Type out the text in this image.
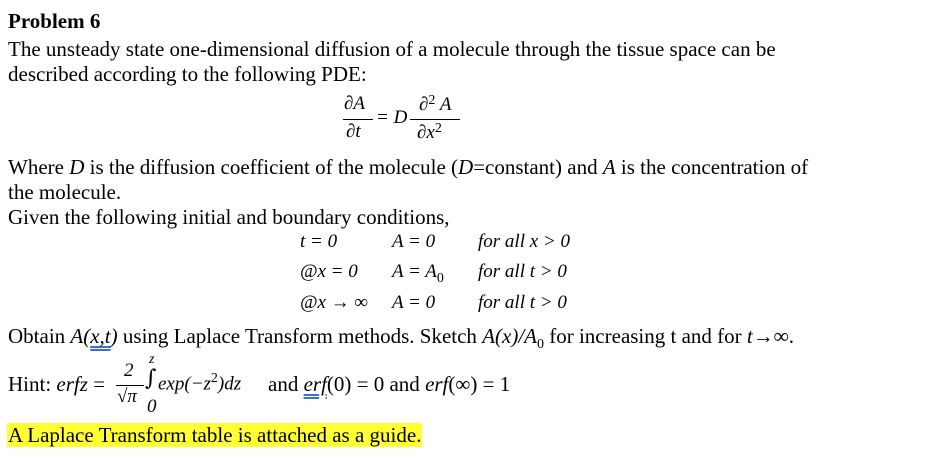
Problem 6
The unsteady state one-dimensional diffusion of a molecule through the tissue space can be
described according to the following PDE:
∂A
∂t
= D
∂$^2$ A
$\partial x^2$
Where D is the diffusion coefficient of the molecule (D=constant) and A is the concentration of
the molecule.
Given the following initial and boundary conditions,
t = 0	A = 0 for all x > 0
@x = 0 $A = A_0$ for all t > 0
@x → ∞ A = 0 for all t > 0
Obtain A(x,t) using Laplace Transform methods. Sketch $A(x)/A_0$ for increasing t and for t→∞.
Hint: erfz =
2
√π
z
∫
0
$\exp(-z^2)dz$ and erf(0) = 0 and erf(∞) = 1
A Laplace Transform table is attached as a guide.
